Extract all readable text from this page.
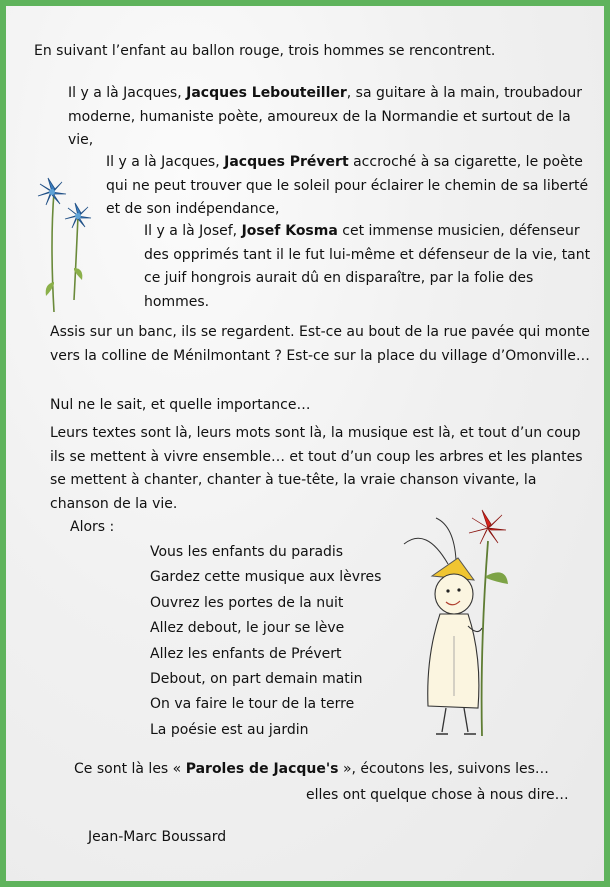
En suivant l’enfant au ballon rouge, trois hommes se rencontrent.

Il y a là Jacques, Jacques Lebouteiller, sa guitare à la main, troubadour moderne, humaniste poète, amoureux de la Normandie et surtout de la vie,

Il y a là Jacques, Jacques Prévert accroché à sa cigarette, le poète qui ne peut trouver que le soleil pour éclairer le chemin de sa liberté et de son indépendance,

Il y a là Josef, Josef Kosma cet immense musicien, défenseur des opprimés tant il le fut lui-même et défenseur de la vie, tant ce juif hongrois aurait dû en disparaître, par la folie des hommes.

Assis sur un banc, ils se regardent. Est-ce au bout de la rue pavée qui monte vers la colline de Ménilmontant ? Est-ce sur la place du village d’Omonville…

Nul ne le sait, et quelle importance…

Leurs textes sont là, leurs mots sont là, la musique est là, et tout d’un coup ils se mettent à vivre ensemble… et tout d’un coup les arbres et les plantes se mettent à chanter, chanter à tue-tête, la vraie chanson vivante, la chanson de la vie.

Alors :

Vous les enfants du paradis

Gardez cette musique aux lèvres

Ouvrez les portes de la nuit

Allez debout, le jour se lève

Allez les enfants de Prévert

Debout, on part demain matin

On va faire le tour de la terre

La poésie est au jardin

Ce sont là les « Paroles de Jacque's », écoutons les, suivons les…

elles ont quelque chose à nous dire…

Jean-Marc Boussard
